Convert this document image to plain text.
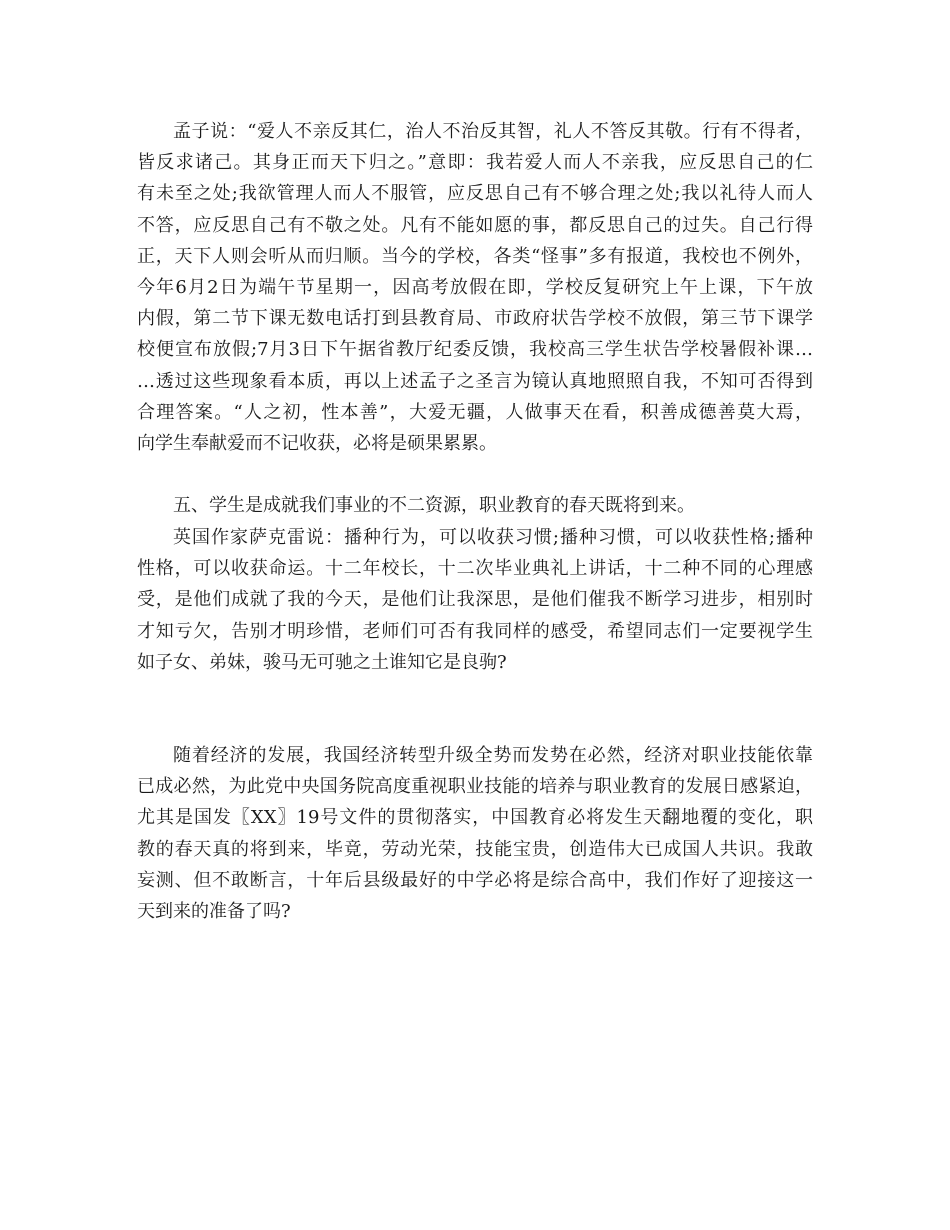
孟子说：“爱人不亲反其仁，治人不治反其智，礼人不答反其敬。行有不得者，
皆反求诸己。其身正而天下归之。”意即：我若爱人而人不亲我，应反思自己的仁
有未至之处;我欲管理人而人不服管，应反思自己有不够合理之处;我以礼待人而人
不答，应反思自己有不敬之处。凡有不能如愿的事，都反思自己的过失。自己行得
正，天下人则会听从而归顺。当今的学校，各类“怪事”多有报道，我校也不例外，
今年6月2日为端午节星期一，因高考放假在即，学校反复研究上午上课，下午放
内假，第二节下课无数电话打到县教育局、市政府状告学校不放假，第三节下课学
校便宣布放假;7月3日下午据省教厅纪委反馈，我校高三学生状告学校暑假补课…
…透过这些现象看本质，再以上述孟子之圣言为镜认真地照照自我，不知可否得到
合理答案。“人之初，性本善”，大爱无疆，人做事天在看，积善成德善莫大焉，
向学生奉献爱而不记收获，必将是硕果累累。
五、学生是成就我们事业的不二资源，职业教育的春天既将到来。
英国作家萨克雷说：播种行为，可以收获习惯;播种习惯，可以收获性格;播种
性格，可以收获命运。十二年校长，十二次毕业典礼上讲话，十二种不同的心理感
受，是他们成就了我的今天，是他们让我深思，是他们催我不断学习进步，相别时
才知亏欠，告别才明珍惜，老师们可否有我同样的感受，希望同志们一定要视学生
如子女、弟妹，骏马无可驰之土谁知它是良驹?
随着经济的发展，我国经济转型升级全势而发势在必然，经济对职业技能依靠
已成必然，为此党中央国务院高度重视职业技能的培养与职业教育的发展日感紧迫，
尤其是国发〖XX〗19号文件的贯彻落实，中国教育必将发生天翻地覆的变化，职
教的春天真的将到来，毕竟，劳动光荣，技能宝贵，创造伟大已成国人共识。我敢
妄测、但不敢断言，十年后县级最好的中学必将是综合高中，我们作好了迎接这一
天到来的准备了吗?
